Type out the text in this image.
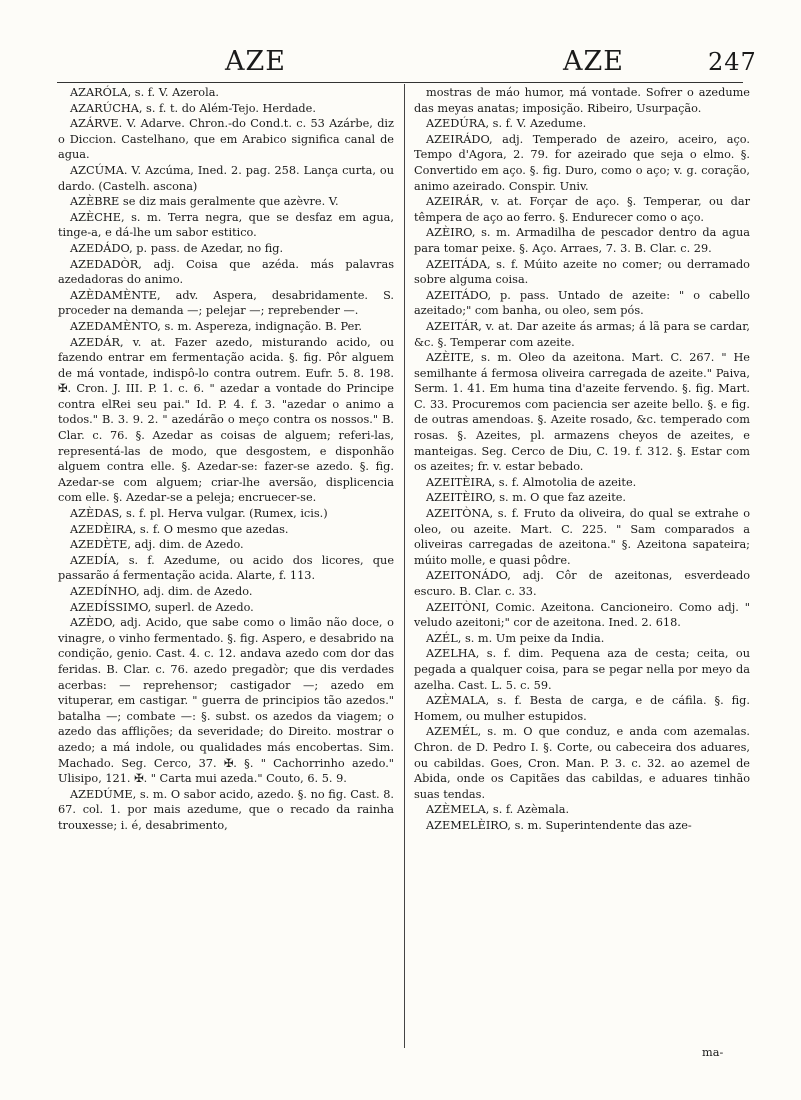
AZE	AZE	247

AZARÓLA, s. f. V. Azerola.

AZARÚCHA, s. f. t. do Além-Tejo. Herdade.

AZÁRVE. V. Adarve. Chron.-do Cond.t. c. 53 Azárbe, diz o Diccion. Castelhano, que em Arabico significa canal de agua.

AZCÚMA. V. Azcúma, Ined. 2. pag. 258. Lança curta, ou dardo. (Castelh. ascona)

AZÈBRE se diz mais geralmente que azèvre. V.

AZÈCHE, s. m. Terra negra, que se desfaz em agua, tinge-a, e dá-lhe um sabor estitico.

AZEDÁDO, p. pass. de Azedar, no fig.

AZEDADÒR, adj. Coisa que azéda. más palavras azedadoras do animo.

AZÈDAMÈNTE, adv. Aspera, desabridamente. S. proceder na demanda —; pelejar —; reprebender —.

AZEDAMÈNTO, s. m. Aspereza, indignação. B. Per.

AZEDÁR, v. at. Fazer azedo, misturando acido, ou fazendo entrar em fermentação acida. §. fig. Pôr alguem de má vontade, indispô-lo contra outrem. Eufr. 5. 8. 198. ✠. Cron. J. III. P. 1. c. 6. " azedar a vontade do Principe contra elRei seu pai." Id. P. 4. f. 3. "azedar o animo a todos." B. 3. 9. 2. " azedárão o meço contra os nossos." B. Clar. c. 76. §. Azedar as coisas de alguem; referi-las, representá-las de modo, que desgostem, e disponhão alguem contra elle. §. Azedar-se: fazer-se azedo. §. fig. Azedar-se com alguem; criar-lhe aversão, displicencia com elle. §. Azedar-se a peleja; encruecer-se.

AZÈDAS, s. f. pl. Herva vulgar. (Rumex, icis.)

AZEDÈIRA, s. f. O mesmo que azedas.

AZEDÈTE, adj. dim. de Azedo.

AZEDÍA, s. f. Azedume, ou acido dos licores, que passarão á fermentação acida. Alarte, f. 113.

AZEDÍNHO, adj. dim. de Azedo.

AZEDÍSSIMO, superl. de Azedo.

AZÈDO, adj. Acido, que sabe como o limão não doce, o vinagre, o vinho fermentado. §. fig. Aspero, e desabrido na condição, genio. Cast. 4. c. 12. andava azedo com dor das feridas. B. Clar. c. 76. azedo pregadòr; que dis verdades acerbas: — reprehensor; castigador —; azedo em vituperar, em castigar. " guerra de principios tão azedos." batalha —; combate —: §. subst. os azedos da viagem; o azedo das afflições; da severidade; do Direito. mostrar o azedo; a má indole, ou qualidades más encobertas. Sim. Machado. Seg. Cerco, 37. ✠. §. " Cachorrinho azedo." Ulisipo, 121. ✠. " Carta mui azeda." Couto, 6. 5. 9.

AZEDÚME, s. m. O sabor acido, azedo. §. no fig. Cast. 8. 67. col. 1. por mais azedume, que o recado da rainha trouxesse; i. é, desabrimento,

mostras de máo humor, má vontade. Sofrer o azedume das meyas anatas; imposição. Ribeiro, Usurpação.

AZEDÚRA, s. f. V. Azedume.

AZEIRÁDO, adj. Temperado de azeiro, aceiro, aço. Tempo d'Agora, 2. 79. for azeirado que seja o elmo. §. Convertido em aço. §. fig. Duro, como o aço; v. g. coração, animo azeirado. Conspir. Univ.

AZEIRÁR, v. at. Forçar de aço. §. Temperar, ou dar têmpera de aço ao ferro. §. Endurecer como o aço.

AZÈIRO, s. m. Armadilha de pescador dentro da agua para tomar peixe. §. Aço. Arraes, 7. 3. B. Clar. c. 29.

AZEITÁDA, s. f. Múito azeite no comer; ou derramado sobre alguma coisa.

AZEITÁDO, p. pass. Untado de azeite: " o cabello azeitado;" com banha, ou oleo, sem pós.

AZEITÁR, v. at. Dar azeite ás armas; á lã para se cardar, &c. §. Temperar com azeite.

AZÈITE, s. m. Oleo da azeitona. Mart. C. 267. " He semilhante á fermosa oliveira carregada de azeite." Paiva, Serm. 1. 41. Em huma tina d'azeite fervendo. §. fig. Mart. C. 33. Procuremos com paciencia ser azeite bello. §. e fig. de outras amendoas. §. Azeite rosado, &c. temperado com rosas. §. Azeites, pl. armazens cheyos de azeites, e manteigas. Seg. Cerco de Diu, C. 19. f. 312. §. Estar com os azeites; fr. v. estar bebado.

AZEITÈIRA, s. f. Almotolia de azeite.

AZEITÈIRO, s. m. O que faz azeite.

AZEITÒNA, s. f. Fruto da oliveira, do qual se extrahe o oleo, ou azeite. Mart. C. 225. " Sam comparados a oliveiras carregadas de azeitona." §. Azeitona sapateira; múito molle, e quasi pôdre.

AZEITONÁDO, adj. Côr de azeitonas, esverdeado escuro. B. Clar. c. 33.

AZEITÒNI, Comic. Azeitona. Cancioneiro. Como adj. " veludo azeitoni;" cor de azeitona. Ined. 2. 618.

AZÉL, s. m. Um peixe da India.

AZELHA, s. f. dim. Pequena aza de cesta; ceita, ou pegada a qualquer coisa, para se pegar nella por meyo da azelha. Cast. L. 5. c. 59.

AZÈMALA, s. f. Besta de carga, e de cáfila. §. fig. Homem, ou mulher estupidos.

AZEMÉL, s. m. O que conduz, e anda com azemalas. Chron. de D. Pedro I. §. Corte, ou cabeceira dos aduares, ou cabildas. Goes, Cron. Man. P. 3. c. 32. ao azemel de Abida, onde os Capitães das cabildas, e aduares tinhão suas tendas.

AZÈMELA, s. f. Azèmala.

AZEMELÈIRO, s. m. Superintendente das aze-

ma-
